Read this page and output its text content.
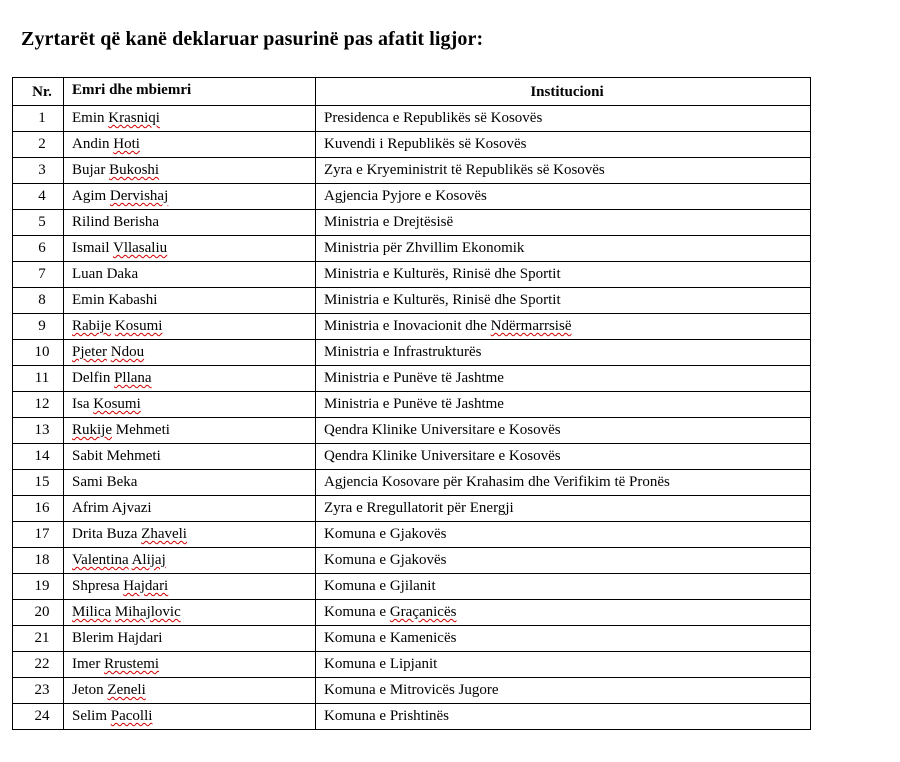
Zyrtarët që kanë deklaruar pasurinë pas afatit ligjor:
Nr.	Emri dhe mbiemri	Institucioni
1	Emin Krasniqi	Presidenca e Republikës së Kosovës
2	Andin Hoti	Kuvendi i Republikës së Kosovës
3	Bujar Bukoshi	Zyra e Kryeministrit të Republikës së Kosovës
4	Agim Dervishaj	Agjencia Pyjore e Kosovës
5	Rilind Berisha	Ministria e Drejtësisë
6	Ismail Vllasaliu	Ministria për Zhvillim Ekonomik
7	Luan Daka	Ministria e Kulturës, Rinisë dhe Sportit
8	Emin Kabashi	Ministria e Kulturës, Rinisë dhe Sportit
9	Rabije Kosumi	Ministria e Inovacionit dhe Ndërmarrsisë
10	Pjeter Ndou	Ministria e Infrastrukturës
11	Delfin Pllana	Ministria e Punëve të Jashtme
12	Isa Kosumi	Ministria e Punëve të Jashtme
13	Rukije Mehmeti	Qendra Klinike Universitare e Kosovës
14	Sabit Mehmeti	Qendra Klinike Universitare e Kosovës
15	Sami Beka	Agjencia Kosovare për Krahasim dhe Verifikim të Pronës
16	Afrim Ajvazi	Zyra e Rregullatorit për Energji
17	Drita Buza Zhaveli	Komuna e Gjakovës
18	Valentina Alijaj	Komuna e Gjakovës
19	Shpresa Hajdari	Komuna e Gjilanit
20	Milica Mihajlovic	Komuna e Graçanicës
21	Blerim Hajdari	Komuna e Kamenicës
22	Imer Rrustemi	Komuna e Lipjanit
23	Jeton Zeneli	Komuna e Mitrovicës Jugore
24	Selim Pacolli	Komuna e Prishtinës
